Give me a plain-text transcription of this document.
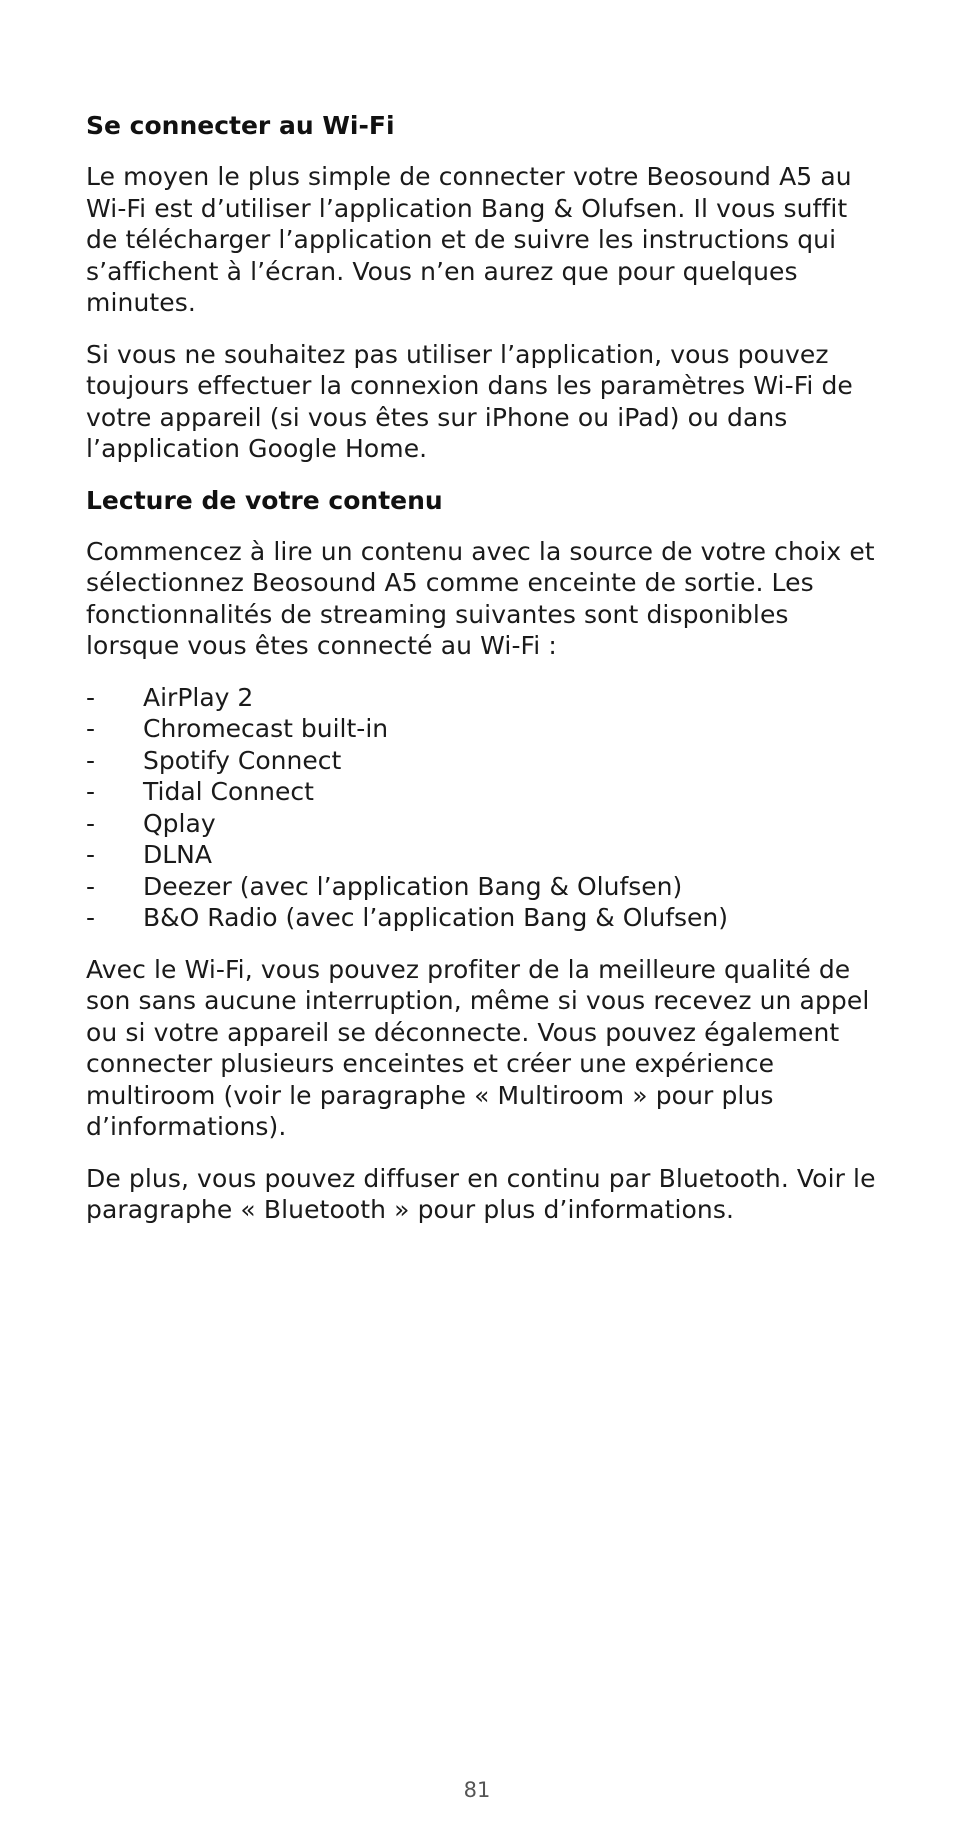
Se connecter au Wi-Fi

Le moyen le plus simple de connecter votre Beosound A5 au Wi-Fi est d’utiliser l’application Bang & Olufsen. Il vous suffit de télécharger l’application et de suivre les instructions qui s’affichent à l’écran. Vous n’en aurez que pour quelques minutes.

Si vous ne souhaitez pas utiliser l’application, vous pouvez toujours effectuer la connexion dans les paramètres Wi-Fi de votre appareil (si vous êtes sur iPhone ou iPad) ou dans l’application Google Home.

Lecture de votre contenu

Commencez à lire un contenu avec la source de votre choix et sélectionnez Beosound A5 comme enceinte de sortie. Les fonctionnalités de streaming suivantes sont disponibles lorsque vous êtes connecté au Wi-Fi :

-	AirPlay 2
-	Chromecast built-in
-	Spotify Connect
-	Tidal Connect
-	Qplay
-	DLNA
-	Deezer (avec l’application Bang & Olufsen)
-	B&O Radio (avec l’application Bang & Olufsen)

Avec le Wi-Fi, vous pouvez profiter de la meilleure qualité de son sans aucune interruption, même si vous recevez un appel ou si votre appareil se déconnecte. Vous pouvez également connecter plusieurs enceintes et créer une expérience multiroom (voir le paragraphe « Multiroom » pour plus d’informations).

De plus, vous pouvez diffuser en continu par Bluetooth. Voir le paragraphe « Bluetooth » pour plus d’informations.

81
